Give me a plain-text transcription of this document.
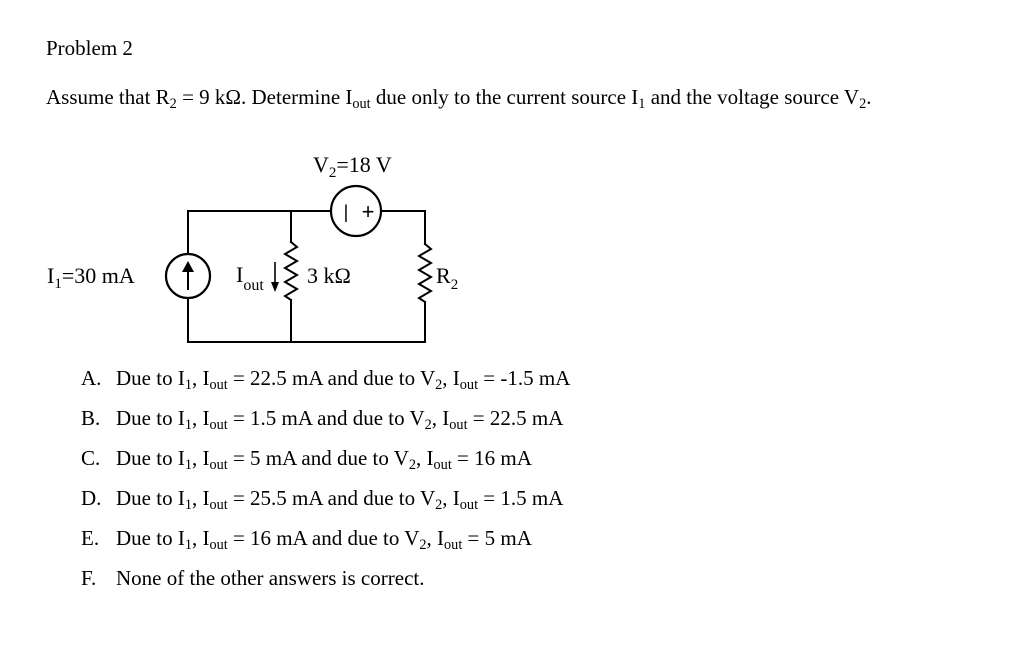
Problem 2
Assume that $R_2 = 9$ kΩ. Determine $I_{out}$ due only to the current source $I_1$ and the voltage source $V_2$.
| +
$V_2=18$ V
$I_1=30$ mA	$I_{out}$ 3 kΩ	$R_2$
A. Due to $I_1$, $I_{out} = 22.5$ mA and due to $V_2$, $I_{out} = -1.5$ mA
B. Due to $I_1$, $I_{out} = 1.5$ mA and due to $V_2$, $I_{out} = 22.5$ mA
C. Due to $I_1$, $I_{out} = 5$ mA and due to $V_2$, $I_{out} = 16$ mA
D. Due to $I_1$, $I_{out} = 25.5$ mA and due to $V_2$, $I_{out} = 1.5$ mA
E. Due to $I_1$, $I_{out} = 16$ mA and due to $V_2$, $I_{out} = 5$ mA
F. None of the other answers is correct.
